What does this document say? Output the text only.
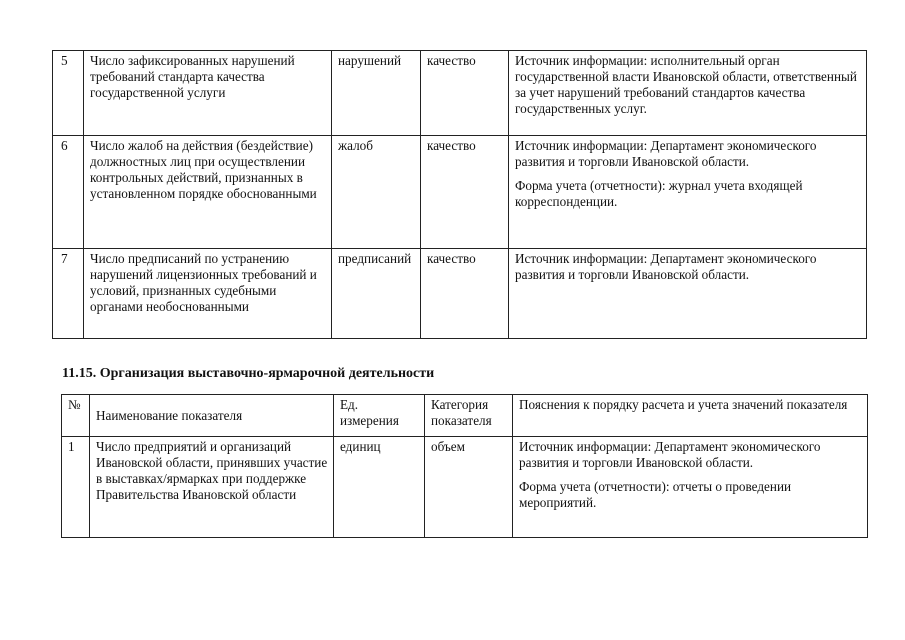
5	Число зафиксированных нарушений требований стандарта качества государственной услуги	нарушений	качество	Источник информации: исполнительный орган государственной власти Ивановской области, ответственный за учет нарушений требований стандартов качества государственных услуг.

6	Число жалоб на действия (бездействие) должностных лиц при осуществлении контрольных действий, признанных в установленном порядке обоснованными	жалоб	качество	Источник информации: Департамент экономического развития и торговли Ивановской области.

Форма учета (отчетности): журнал учета входящей корреспонденции.

7	Число предписаний по устранению нарушений лицензионных требований и условий, признанных судебными органами необоснованными	предписаний	качество	Источник информации: Департамент экономического развития и торговли Ивановской области.

11.15. Организация выставочно-ярмарочной деятельности
№	Наименование показателя	Ед. измерения	Категория показателя	Пояснения к порядку расчета и учета значений показателя
1	Число предприятий и организаций Ивановской области, принявших участие в выставках/ярмарках при поддержке Правительства Ивановской области	единиц	объем	Источник информации: Департамент экономического развития и торговли Ивановской области.

Форма учета (отчетности): отчеты о проведении мероприятий.
